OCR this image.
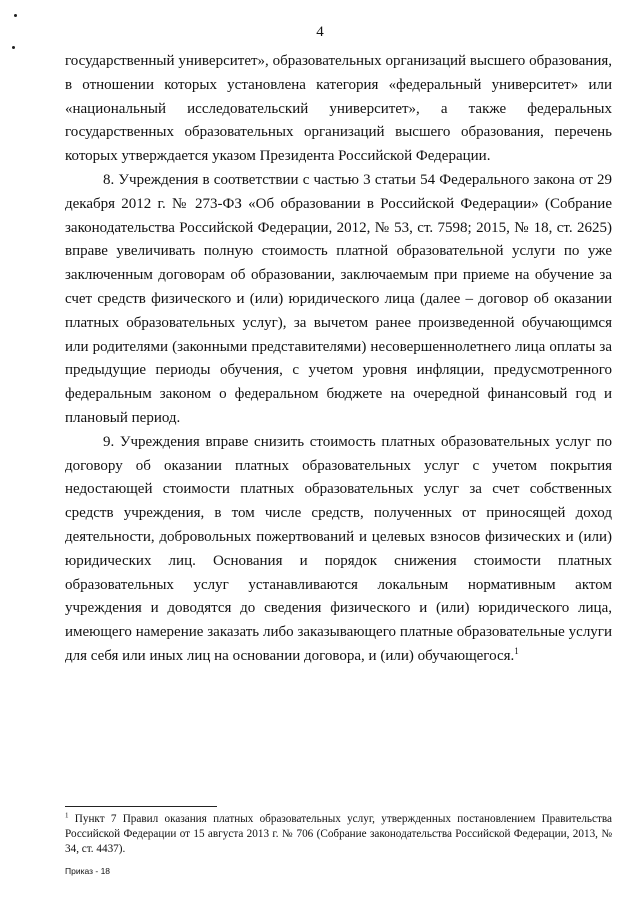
4

государственный университет», образовательных организаций высшего образования, в отношении которых установлена категория «федеральный университет» или «национальный исследовательский университет», а также федеральных государственных образовательных организаций высшего образования, перечень которых утверждается указом Президента Российской Федерации.

8. Учреждения в соответствии с частью 3 статьи 54 Федерального закона от 29 декабря 2012 г. № 273-ФЗ «Об образовании в Российской Федерации» (Собрание законодательства Российской Федерации, 2012, № 53, ст. 7598; 2015, № 18, ст. 2625) вправе увеличивать полную стоимость платной образовательной услуги по уже заключенным договорам об образовании, заключаемым при приеме на обучение за счет средств физического и (или) юридического лица (далее – договор об оказании платных образовательных услуг), за вычетом ранее произведенной обучающимся или родителями (законными представителями) несовершеннолетнего лица оплаты за предыдущие периоды обучения, с учетом уровня инфляции, предусмотренного федеральным законом о федеральном бюджете на очередной финансовый год и плановый период.

9. Учреждения вправе снизить стоимость платных образовательных услуг по договору об оказании платных образовательных услуг с учетом покрытия недостающей стоимости платных образовательных услуг за счет собственных средств учреждения, в том числе средств, полученных от приносящей доход деятельности, добровольных пожертвований и целевых взносов физических и (или) юридических лиц. Основания и порядок снижения стоимости платных образовательных услуг устанавливаются локальным нормативным актом учреждения и доводятся до сведения физического и (или) юридического лица, имеющего намерение заказать либо заказывающего платные образовательные услуги для себя или иных лиц на основании договора, и (или) обучающегося.$^1$

$^1$ Пункт 7 Правил оказания платных образовательных услуг, утвержденных постановлением Правительства Российской Федерации от 15 августа 2013 г. № 706 (Собрание законодательства Российской Федерации, 2013, № 34, ст. 4437).
Приказ - 18
